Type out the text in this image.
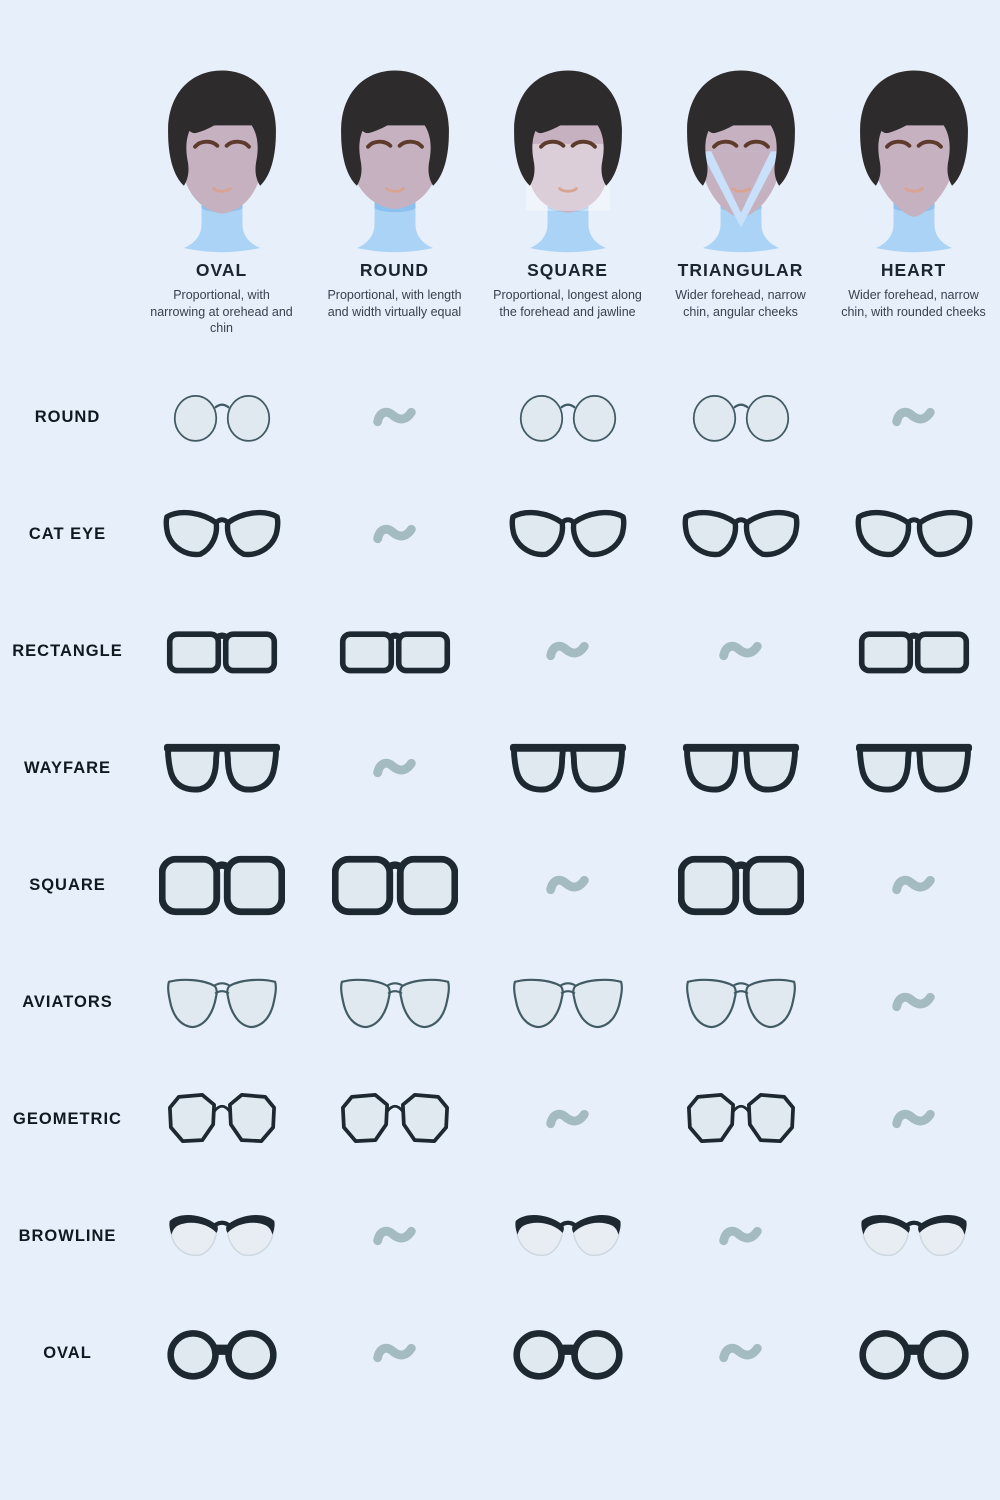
OVAL
Proportional, with narrowing at orehead and chin
ROUND
Proportional, with length and width virtually equal
SQUARE
Proportional, longest along the forehead and jawline
TRIANGULAR
Wider forehead, narrow chin, angular cheeks
HEART
Wider forehead, narrow chin, with rounded cheeks
ROUND
CAT EYE
RECTANGLE
WAYFARE
SQUARE
AVIATORS
GEOMETRIC
BROWLINE
OVAL
